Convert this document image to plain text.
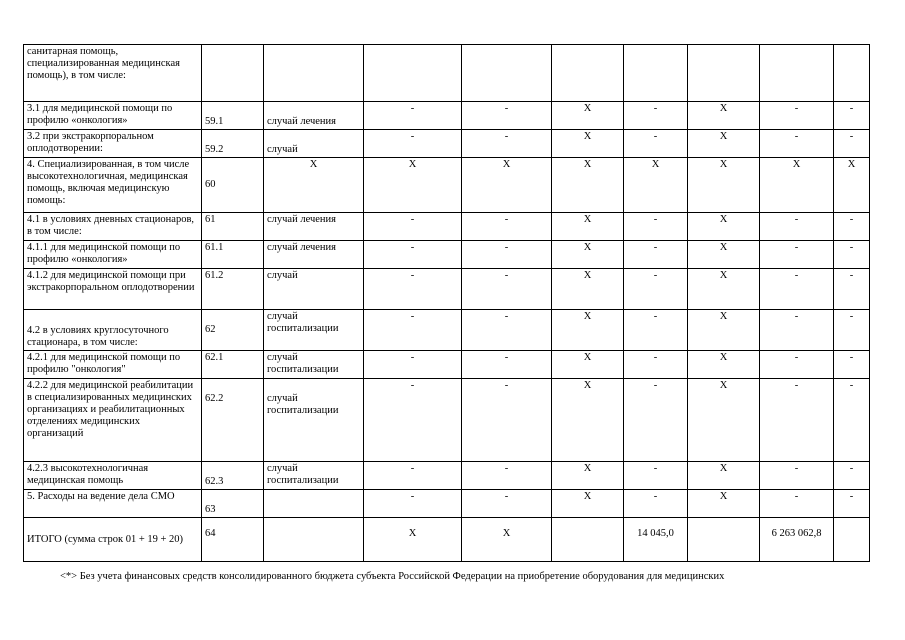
санитарная помощь, специализированная медицинская помощь), в том числе:									
3.1 для медицинской помощи по профилю «онкология»	59.1	случай лечения	-	-	X	-	X	-	-
3.2 при экстракорпоральном оплодотворении:	59.2	случай	-	-	X	-	X	-	-
4. Специализированная, в том числе высокотехнологичная, медицинская помощь, включая медицинскую помощь:	60	X	X	X	X	X	X	X	X
4.1 в условиях дневных стационаров, в том числе:	61	случай лечения	-	-	X	-	X	-	-
4.1.1 для медицинской помощи по профилю «онкология»	61.1	случай лечения	-	-	X	-	X	-	-
4.1.2 для медицинской помощи при экстракорпоральном оплодотворении	61.2	случай	-	-	X	-	X	-	-
4.2 в условиях круглосуточного стационара, в том числе:	62	случай госпитализации	-	-	X	-	X	-	-
4.2.1 для медицинской помощи по профилю "онкология"	62.1	случай госпитализации	-	-	X	-	X	-	-
4.2.2 для медицинской реабилитации в специализированных медицинских организациях и реабилитационных отделениях медицинских организаций	62.2	случай госпитализации	-	-	X	-	X	-	-
4.2.3 высокотехнологичная медицинская помощь	62.3	случай госпитализации	-	-	X	-	X	-	-
5. Расходы на ведение дела СМО	63		-	-	X	-	X	-	-
ИТОГО (сумма строк 01 + 19 + 20)	64		X	X		14 045,0		6 263 062,8	
<*> Без учета финансовых средств консолидированного бюджета субъекта Российской Федерации на приобретение оборудования для медицинских
